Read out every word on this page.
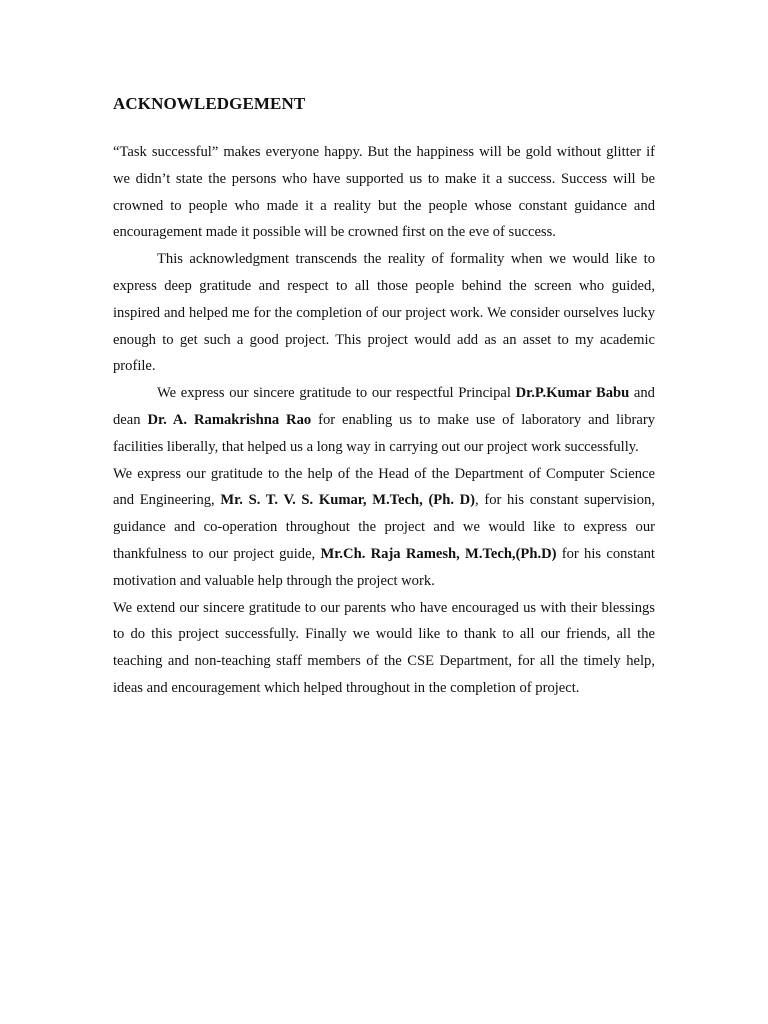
ACKNOWLEDGEMENT

“Task successful” makes everyone happy. But the happiness will be gold without glitter if we didn’t state the persons who have supported us to make it a success. Success will be crowned to people who made it a reality but the people whose constant guidance and encouragement made it possible will be crowned first on the eve of success.

This acknowledgment transcends the reality of formality when we would like to express deep gratitude and respect to all those people behind the screen who guided, inspired and helped me for the completion of our project work. We consider ourselves lucky enough to get such a good project. This project would add as an asset to my academic profile.

We express our sincere gratitude to our respectful Principal Dr.P.Kumar Babu and dean Dr. A. Ramakrishna Rao for enabling us to make use of laboratory and library facilities liberally, that helped us a long way in carrying out our project work successfully.

We express our gratitude to the help of the Head of the Department of Computer Science and Engineering, Mr. S. T. V. S. Kumar, M.Tech, (Ph. D), for his constant supervision, guidance and co-operation throughout the project and we would like to express our thankfulness to our project guide, Mr.Ch. Raja Ramesh, M.Tech,(Ph.D) for his constant motivation and valuable help through the project work.

We extend our sincere gratitude to our parents who have encouraged us with their blessings to do this project successfully. Finally we would like to thank to all our friends, all the teaching and non-teaching staff members of the CSE Department, for all the timely help, ideas and encouragement which helped throughout in the completion of project.
